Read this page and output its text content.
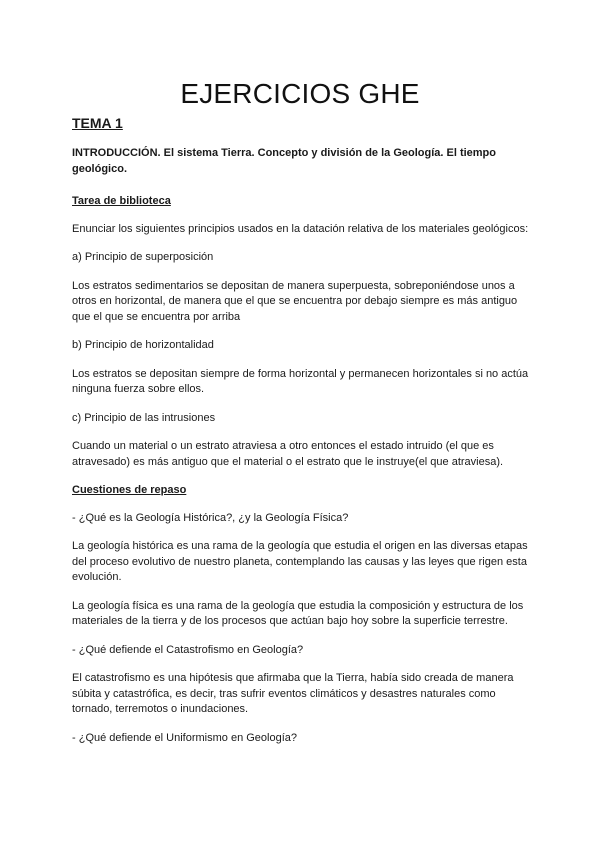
EJERCICIOS GHE
TEMA 1

INTRODUCCIÓN. El sistema Tierra. Concepto y división de la Geología. El tiempo geológico.

Tarea de biblioteca

Enunciar los siguientes principios usados en la datación relativa de los materiales geológicos:

a) Principio de superposición

Los estratos sedimentarios se depositan de manera superpuesta, sobreponiéndose unos a otros en horizontal, de manera que el que se encuentra por debajo siempre es más antiguo que el que se encuentra por arriba

b) Principio de horizontalidad

Los estratos se depositan siempre de forma horizontal y permanecen horizontales si no actúa ninguna fuerza sobre ellos.

c) Principio de las intrusiones

Cuando un material o un estrato atraviesa a otro entonces el estado intruido (el que es atravesado) es más antiguo que el material o el estrato que le instruye(el que atraviesa).

Cuestiones de repaso

- ¿Qué es la Geología Histórica?, ¿y la Geología Física?

La geología histórica es una rama de la geología que estudia el origen en las diversas etapas del proceso evolutivo de nuestro planeta, contemplando las causas y las leyes que rigen esta evolución.

La geología física es una rama de la geología que estudia la composición y estructura de los materiales de la tierra y de los procesos que actúan bajo hoy sobre la superficie terrestre.

- ¿Qué defiende el Catastrofismo en Geología?

El catastrofismo es una hipótesis que afirmaba que la Tierra, había sido creada de manera súbita y catastrófica, es decir, tras sufrir eventos climáticos y desastres naturales como tornado, terremotos o inundaciones.

- ¿Qué defiende el Uniformismo en Geología?
